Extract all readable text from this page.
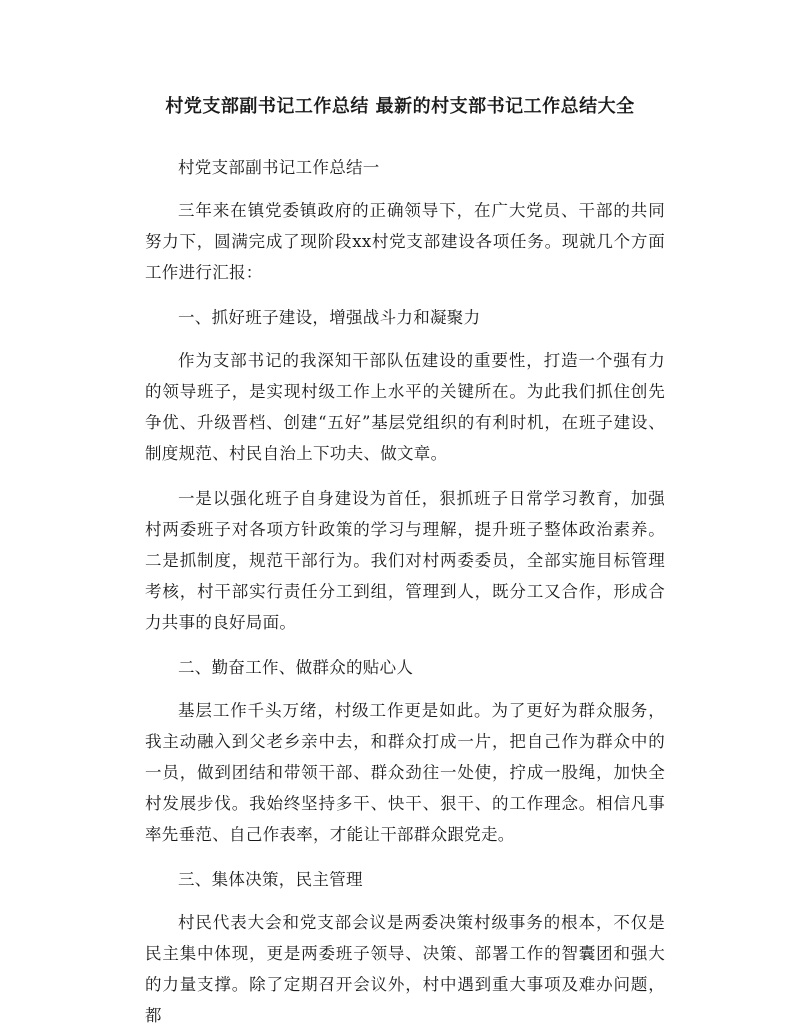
村党支部副书记工作总结 最新的村支部书记工作总结大全

村党支部副书记工作总结一

三年来在镇党委镇政府的正确领导下，在广大党员、干部的共同努力下，圆满完成了现阶段xx村党支部建设各项任务。现就几个方面工作进行汇报：

一、抓好班子建设，增强战斗力和凝聚力

作为支部书记的我深知干部队伍建设的重要性，打造一个强有力的领导班子，是实现村级工作上水平的关键所在。为此我们抓住创先争优、升级晋档、创建“五好”基层党组织的有利时机，在班子建设、制度规范、村民自治上下功夫、做文章。

一是以强化班子自身建设为首任，狠抓班子日常学习教育，加强村两委班子对各项方针政策的学习与理解，提升班子整体政治素养。二是抓制度，规范干部行为。我们对村两委委员，全部实施目标管理考核，村干部实行责任分工到组，管理到人，既分工又合作，形成合力共事的良好局面。

二、勤奋工作、做群众的贴心人

基层工作千头万绪，村级工作更是如此。为了更好为群众服务，我主动融入到父老乡亲中去，和群众打成一片，把自己作为群众中的一员，做到团结和带领干部、群众劲往一处使，拧成一股绳，加快全村发展步伐。我始终坚持多干、快干、狠干、的工作理念。相信凡事率先垂范、自己作表率，才能让干部群众跟党走。

三、集体决策，民主管理

村民代表大会和党支部会议是两委决策村级事务的根本，不仅是民主集中体现，更是两委班子领导、决策、部署工作的智囊团和强大的力量支撑。除了定期召开会议外，村中遇到重大事项及难办问题，都
